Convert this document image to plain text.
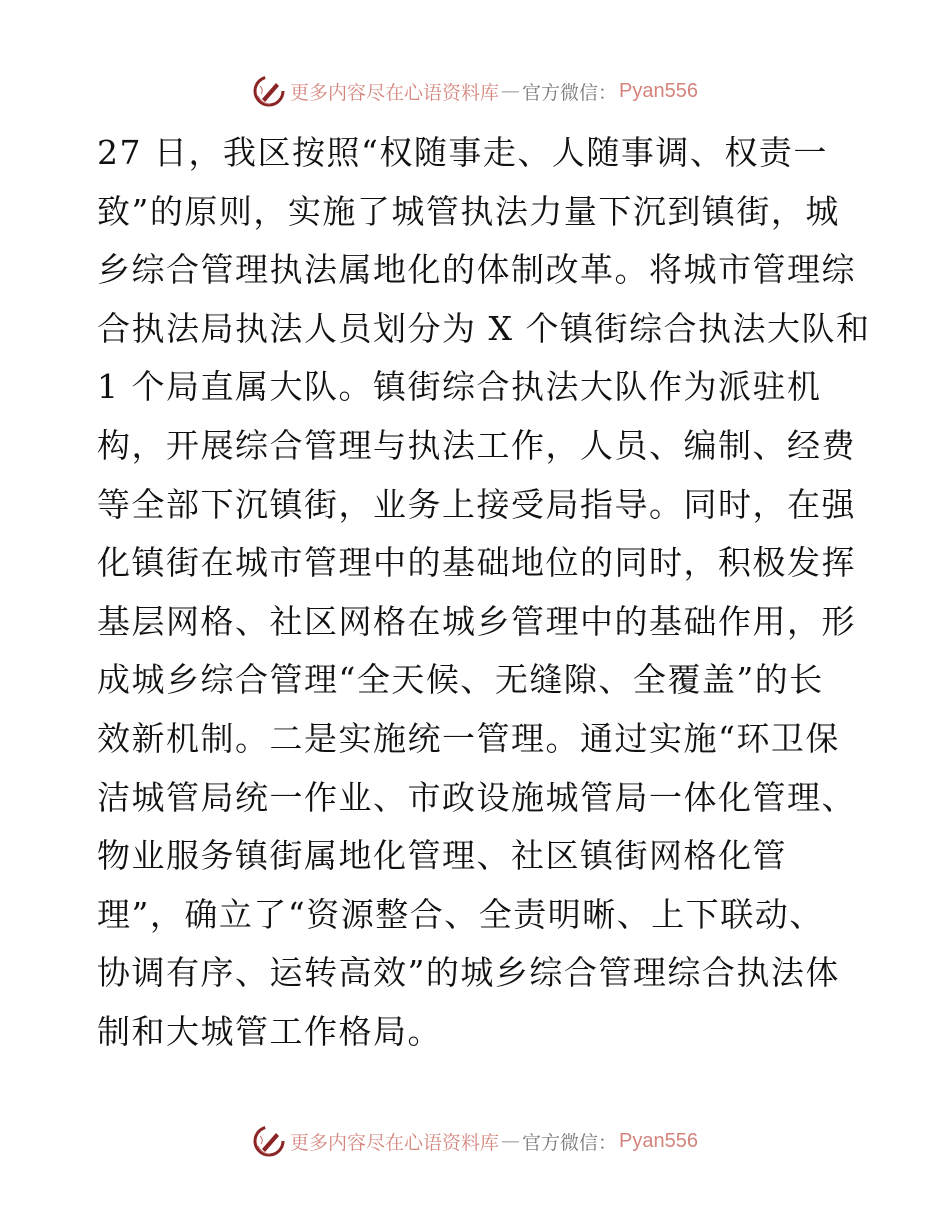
更多内容尽在心语资料库 — 官方微信： Pyan556
27 日，我区按照“权随事走、人随事调、权责一
致”的原则，实施了城管执法力量下沉到镇街，城
乡综合管理执法属地化的体制改革。将城市管理综
合执法局执法人员划分为 X 个镇街综合执法大队和
1 个局直属大队。镇街综合执法大队作为派驻机
构，开展综合管理与执法工作，人员、编制、经费
等全部下沉镇街，业务上接受局指导。同时，在强
化镇街在城市管理中的基础地位的同时，积极发挥
基层网格、社区网格在城乡管理中的基础作用，形
成城乡综合管理“全天候、无缝隙、全覆盖”的长
效新机制。二是实施统一管理。通过实施“环卫保
洁城管局统一作业、市政设施城管局一体化管理、
物业服务镇街属地化管理、社区镇街网格化管
理”，确立了“资源整合、全责明晰、上下联动、
协调有序、运转高效”的城乡综合管理综合执法体
制和大城管工作格局。
更多内容尽在心语资料库 — 官方微信： Pyan556
